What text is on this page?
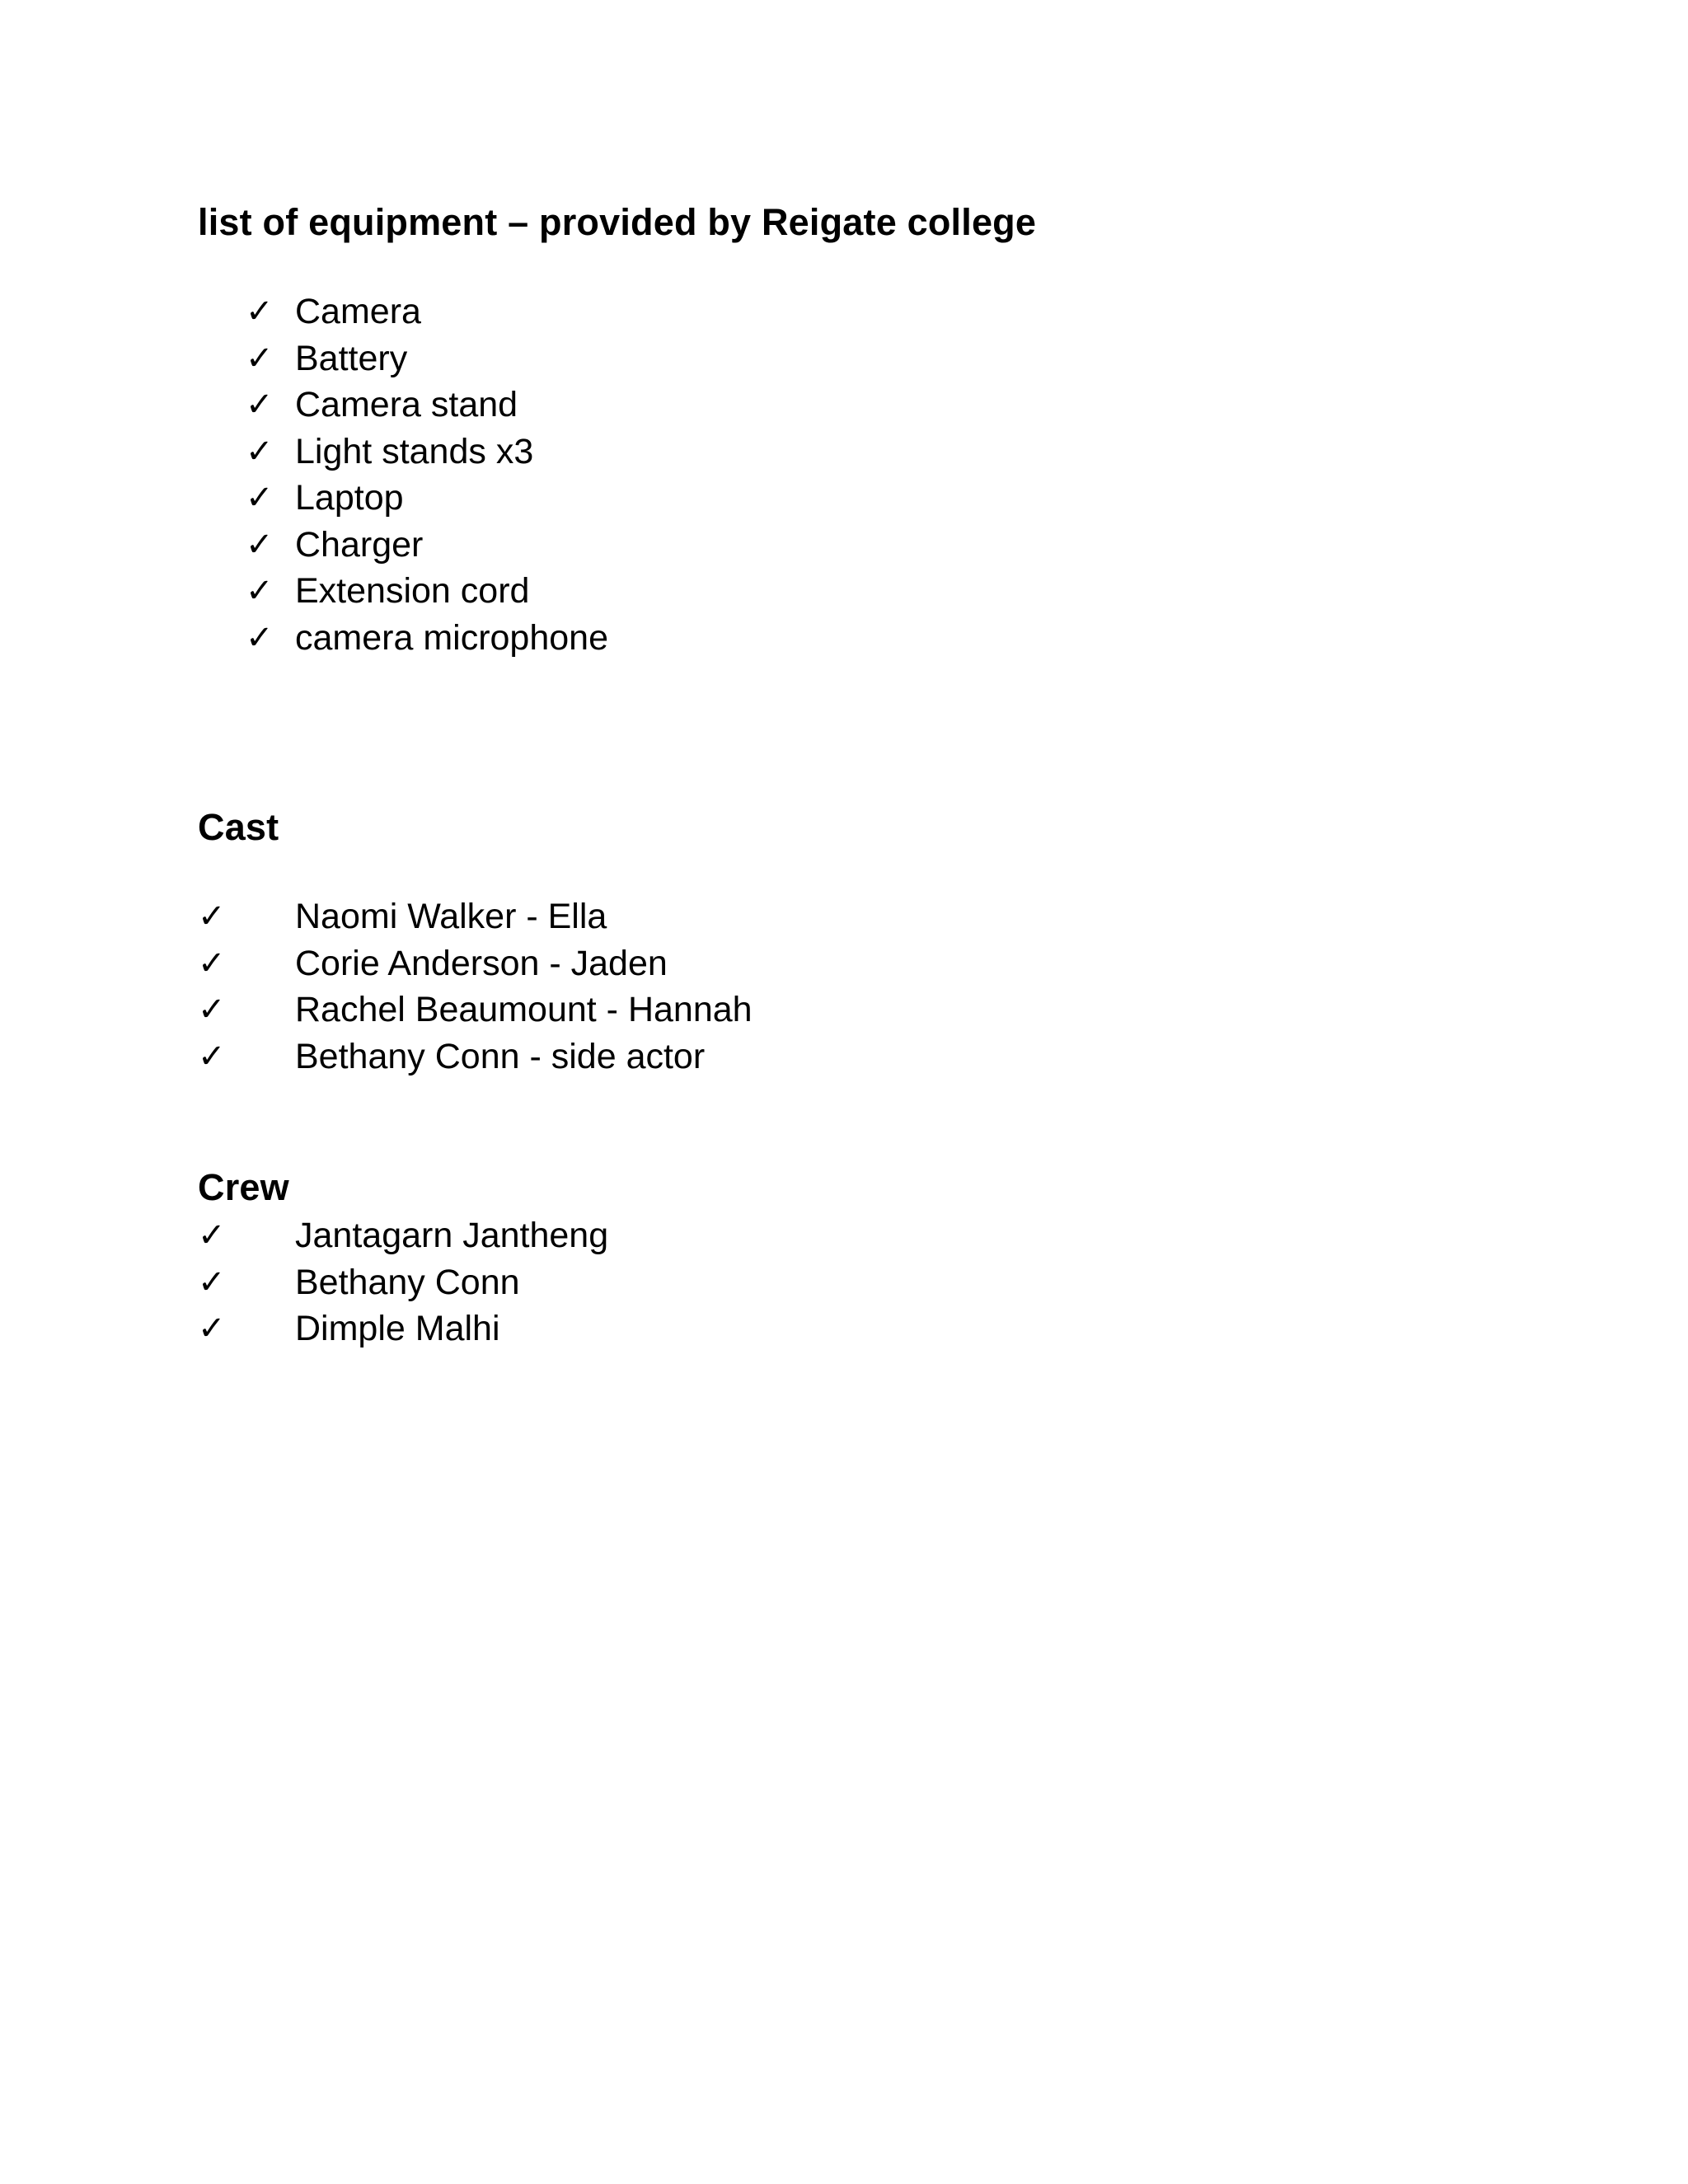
list of equipment – provided by Reigate college
✓ Camera
✓ Battery
✓ Camera stand
✓ Light stands x3
✓ Laptop
✓ Charger
✓ Extension cord
✓ camera microphone
Cast
✓ Naomi Walker - Ella
✓ Corie Anderson - Jaden
✓ Rachel Beaumount - Hannah
✓ Bethany Conn - side actor
Crew
✓ Jantagarn Jantheng
✓ Bethany Conn
✓ Dimple Malhi
